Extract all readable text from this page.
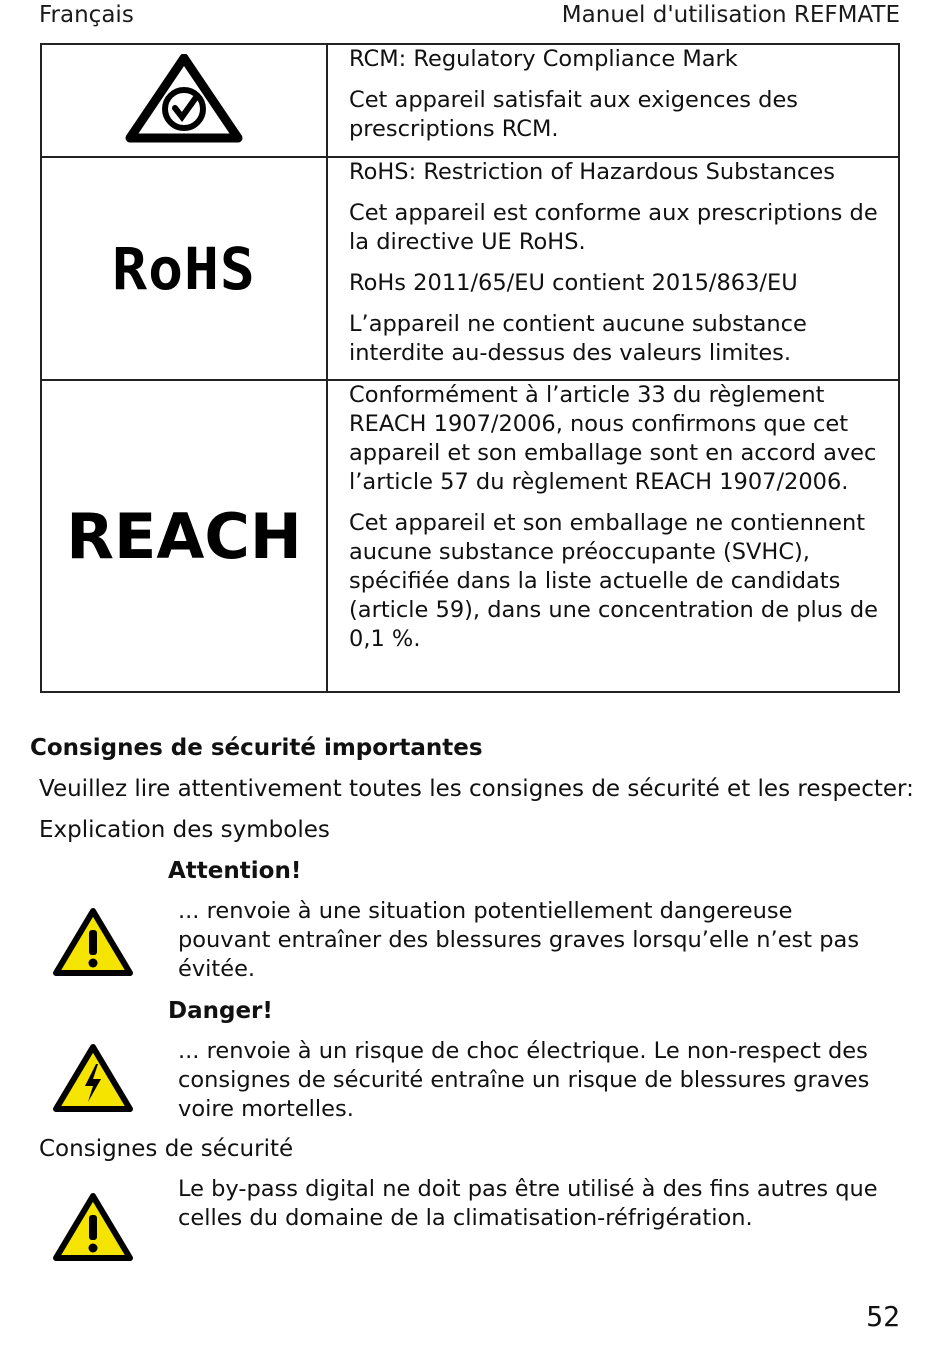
Français	Manuel d'utilisation REFMATE

RCM: Regulatory Compliance Mark

Cet appareil satisfait aux exigences des prescriptions RCM.

RoHS	RoHS: Restriction of Hazardous Substances

Cet appareil est conforme aux prescriptions de la directive UE RoHS.

RoHs 2011/65/EU contient 2015/863/EU

L’appareil ne contient aucune substance interdite au-dessus des valeurs limites.

REACH	Conformément à l’article 33 du règlement REACH 1907/2006, nous confirmons que cet appareil et son emballage sont en accord avec l’article 57 du règlement REACH 1907/2006.

Cet appareil et son emballage ne contiennent aucune substance préoccupante (SVHC), spécifiée dans la liste actuelle de candidats (article 59), dans une concentration de plus de 0,1 %.

Consignes de sécurité importantes
Veuillez lire attentivement toutes les consignes de sécurité et les respecter:
Explication des symboles
Attention!
... renvoie à une situation potentiellement dangereuse pouvant entraîner des blessures graves lorsqu’elle n’est pas évitée.
Danger!
... renvoie à un risque de choc électrique. Le non-respect des consignes de sécurité entraîne un risque de blessures graves voire mortelles.
Consignes de sécurité
Le by-pass digital ne doit pas être utilisé à des fins autres que celles du domaine de la climatisation-réfrigération.
52
